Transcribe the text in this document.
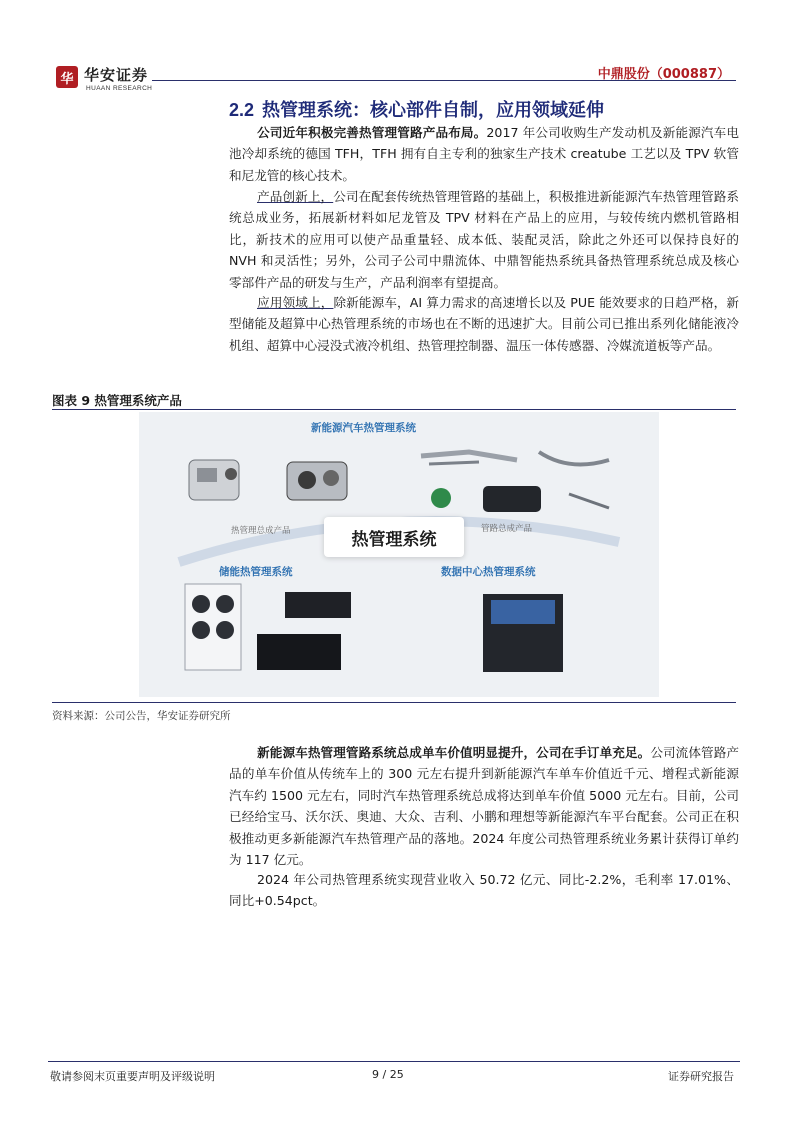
华 华安证券
HUAAN RESEARCH
中鼎股份（000887）
2.2 热管理系统：核心部件自制，应用领域延伸
公司近年积极完善热管理管路产品布局。2017 年公司收购生产发动机及新能源汽车电池冷却系统的德国 TFH，TFH 拥有自主专利的独家生产技术 creatube 工艺以及 TPV 软管和尼龙管的核心技术。
产品创新上，公司在配套传统热管理管路的基础上，积极推进新能源汽车热管理管路系统总成业务，拓展新材料如尼龙管及 TPV 材料在产品上的应用，与较传统内燃机管路相比，新技术的应用可以使产品重量轻、成本低、装配灵活，除此之外还可以保持良好的 NVH 和灵活性；另外，公司子公司中鼎流体、中鼎智能热系统具备热管理系统总成及核心零部件产品的研发与生产，产品利润率有望提高。
应用领域上，除新能源车，AI 算力需求的高速增长以及 PUE 能效要求的日趋严格，新型储能及超算中心热管理系统的市场也在不断的迅速扩大。目前公司已推出系列化储能液冷机组、超算中心浸没式液冷机组、热管理控制器、温压一体传感器、冷媒流道板等产品。
图表 9 热管理系统产品
新能源汽车热管理系统
热管理总成产品	管路总成产品
热管理系统
储能热管理系统	数据中心热管理系统
资料来源：公司公告，华安证券研究所
新能源车热管理管路系统总成单车价值明显提升，公司在手订单充足。公司流体管路产品的单车价值从传统车上的 300 元左右提升到新能源汽车单车价值近千元、增程式新能源汽车约 1500 元左右，同时汽车热管理系统总成将达到单车价值 5000 元左右。目前，公司已经给宝马、沃尔沃、奥迪、大众、吉利、小鹏和理想等新能源汽车平台配套。公司正在积极推动更多新能源汽车热管理产品的落地。2024 年度公司热管理系统业务累计获得订单约为 117 亿元。
2024 年公司热管理系统实现营业收入 50.72 亿元、同比-2.2%，毛利率 17.01%、同比+0.54pct。
敬请参阅末页重要声明及评级说明	9 / 25	证券研究报告
